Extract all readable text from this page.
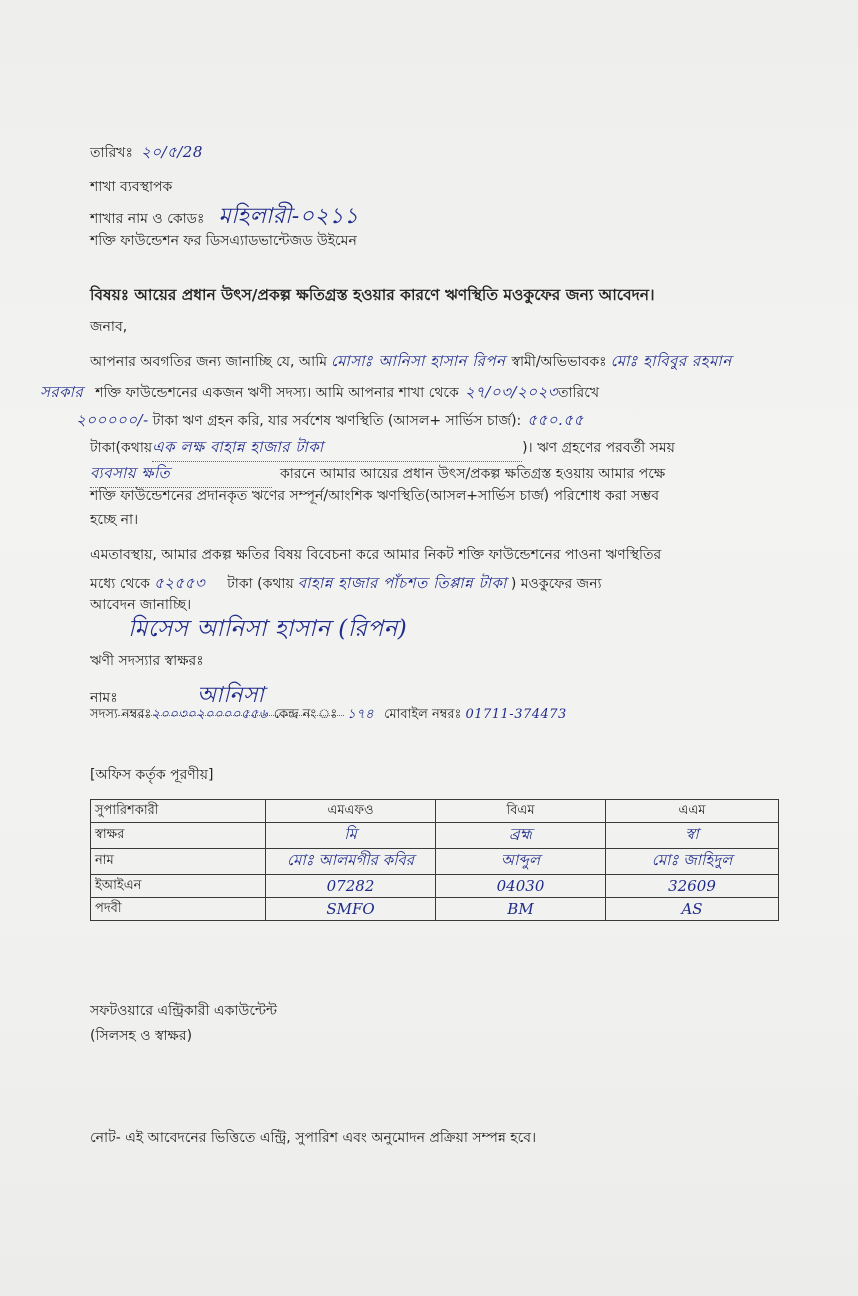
তারিখঃ ২০/৫/28
শাখা ব্যবস্থাপক
শাখার নাম ও কোডঃ মহিলারী-০২১১
শক্তি ফাউন্ডেশন ফর ডিসএ্যাডভান্টেজড উইমেন
বিষয়ঃ আয়ের প্রধান উৎস/প্রকল্প ক্ষতিগ্রস্ত হওয়ার কারণে ঋণস্থিতি মওকুফের জন্য আবেদন।
জনাব,
আপনার অবগতির জন্য জানাচ্ছি যে, আমি মোসাঃ আনিসা হাসান রিপন স্বামী/অভিভাবকঃ মোঃ হাবিবুর রহমান
সরকার শক্তি ফাউন্ডেশনের একজন ঋণী সদস্য। আমি আপনার শাখা থেকে ২৭/০৩/২০২৩ তারিখে
২০০০০০/- টাকা ঋণ গ্রহন করি, যার সর্বশেষ ঋণস্থিতি (আসল+ সার্ভিস চার্জ): ৫৫০.৫৫
টাকা(কথায় এক লক্ষ বাহান্ন হাজার টাকা	)। ঋণ গ্রহণের পরবর্তী সময়
ব্যবসায় ক্ষতি	কারনে আমার আয়ের প্রধান উৎস/প্রকল্প ক্ষতিগ্রস্ত হওয়ায় আমার পক্ষে
শক্তি ফাউন্ডেশনের প্রদানকৃত ঋণের সম্পূর্ন/আংশিক ঋণস্থিতি(আসল+সার্ভিস চার্জ) পরিশোধ করা সম্ভব
হচ্ছে না।
এমতাবস্থায়, আমার প্রকল্প ক্ষতির বিষয় বিবেচনা করে আমার নিকট শক্তি ফাউন্ডেশনের পাওনা ঋণস্থিতির
মধ্যে থেকে ৫২৫৫৩ টাকা (কথায় বাহান্ন হাজার পাঁচশত তিপ্পান্ন টাকা ) মওকুফের জন্য
আবেদন জানাচ্ছি।
মিসেস আনিসা হাসান (রিপন)
ঋণী সদস্যার স্বাক্ষরঃ
নামঃ	আনিসা
সদস্য নম্বরঃ ২০০৩০২০০০০৫৫৬ কেন্দ্র নং ঃ ১৭৪ মোবাইল নম্বরঃ 01711-374473
[অফিস কর্তৃক পূরণীয়]
সুপারিশকারী	এমএফও	বিএম	এএম
স্বাক্ষর	মি	ব্রহ্ম	স্বা
নাম	মোঃ আলমগীর কবির	আব্দুল	মোঃ জাহিদুল
ইআইএন	07282	04030	32609
পদবী	SMFO	BM	AS
সফটওয়ারে এন্ট্রিকারী একাউন্টেন্ট
(সিলসহ ও স্বাক্ষর)
নোট- এই আবেদনের ভিত্তিতে এন্ট্রি, সুপারিশ এবং অনুমোদন প্রক্রিয়া সম্পন্ন হবে।
